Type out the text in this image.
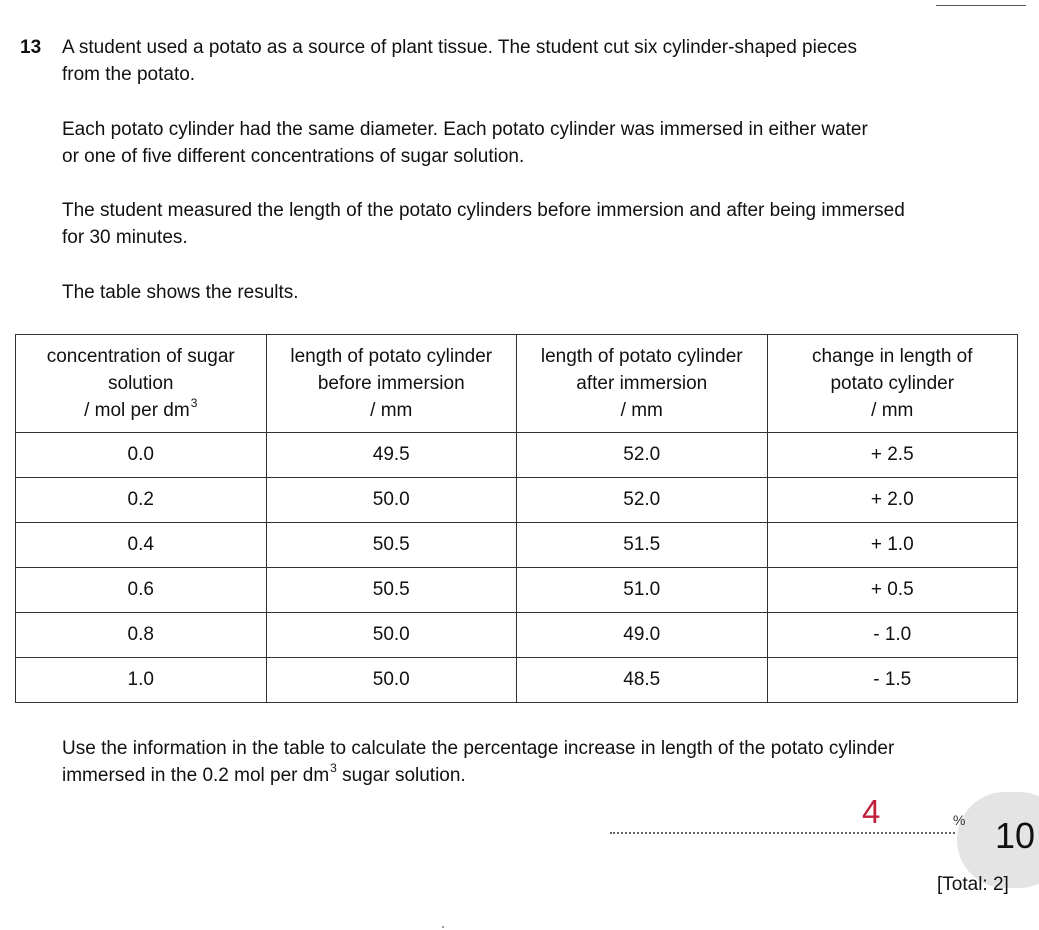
13 A student used a potato as a source of plant tissue. The student cut six cylinder-shaped pieces
from the potato.

Each potato cylinder had the same diameter. Each potato cylinder was immersed in either water
or one of five different concentrations of sugar solution.

The student measured the length of the potato cylinders before immersion and after being immersed
for 30 minutes.

The table shows the results.

concentration of sugar
solution
/ mol per $dm^3$	length of potato cylinder
before immersion
/ mm	length of potato cylinder
after immersion
/ mm	change in length of
potato cylinder
/ mm

0.0	49.5	52.0	+ 2.5
0.2	50.0	52.0	+ 2.0
0.4	50.5	51.5	+ 1.0
0.6	50.5	51.0	+ 0.5
0.8	50.0	49.0	- 1.0
1.0	50.0	48.5	- 1.5

Use the information in the table to calculate the percentage increase in length of the potato cylinder
immersed in the 0.2 mol per $dm^3$ sugar solution.

4	% 10
[Total: 2]
